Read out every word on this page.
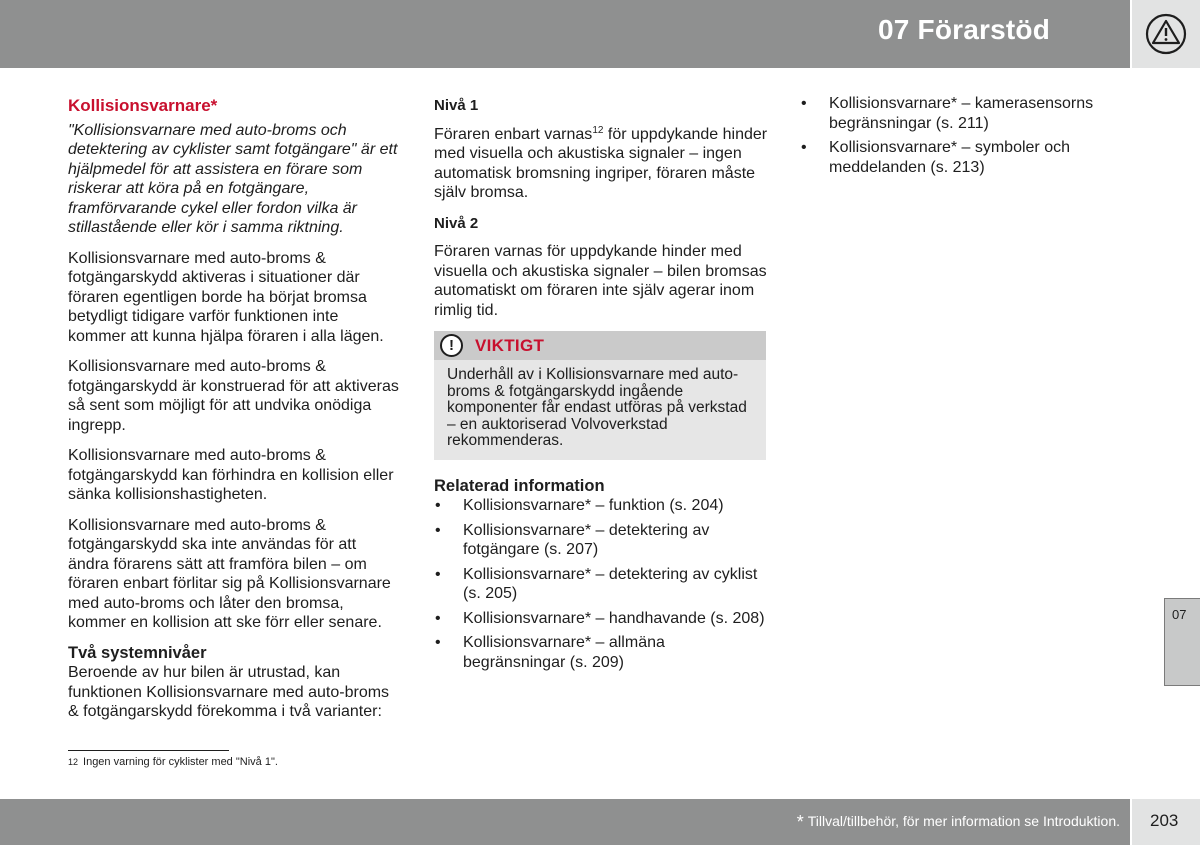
07 Förarstöd
Kollisionsvarnare*
"Kollisionsvarnare med auto-broms och detektering av cyklister samt fotgängare" är ett hjälpmedel för att assistera en förare som riskerar att köra på en fotgängare, framförvarande cykel eller fordon vilka är stillastående eller kör i samma riktning.

Kollisionsvarnare med auto-broms & fotgängarskydd aktiveras i situationer där föraren egentligen borde ha börjat bromsa betydligt tidigare varför funktionen inte kommer att kunna hjälpa föraren i alla lägen.

Kollisionsvarnare med auto-broms & fotgängarskydd är konstruerad för att aktiveras så sent som möjligt för att undvika onödiga ingrepp.

Kollisionsvarnare med auto-broms & fotgängarskydd kan förhindra en kollision eller sänka kollisionshastigheten.

Kollisionsvarnare med auto-broms & fotgängarskydd ska inte användas för att ändra förarens sätt att framföra bilen – om föraren enbart förlitar sig på Kollisionsvarnare med auto-broms och låter den bromsa, kommer en kollision att ske förr eller senare.

Två systemnivåer
Beroende av hur bilen är utrustad, kan funktionen Kollisionsvarnare med auto-broms & fotgängarskydd förekomma i två varianter:
Nivå 1

Föraren enbart varnas$^{12}$ för uppdykande hinder med visuella och akustiska signaler – ingen automatisk bromsning ingriper, föraren måste själv bromsa.

Nivå 2

Föraren varnas för uppdykande hinder med visuella och akustiska signaler – bilen bromsas automatiskt om föraren inte själv agerar inom rimlig tid.

!	VIKTIGT
Underhåll av i Kollisionsvarnare med auto-broms & fotgängarskydd ingående komponenter får endast utföras på verkstad – en auktoriserad Volvoverkstad rekommenderas.
Relaterad information
• Kollisionsvarnare* – funktion (s. 204)
• Kollisionsvarnare* – detektering av fotgängare (s. 207)
• Kollisionsvarnare* – detektering av cyklist (s. 205)
• Kollisionsvarnare* – handhavande (s. 208)
• Kollisionsvarnare* – allmäna begränsningar (s. 209)
• Kollisionsvarnare* – kamerasensorns begränsningar (s. 211)
• Kollisionsvarnare* – symboler och meddelanden (s. 213)
12 Ingen varning för cyklister med "Nivå 1".
07
* Tillval/tillbehör, för mer information se Introduktion. 203
